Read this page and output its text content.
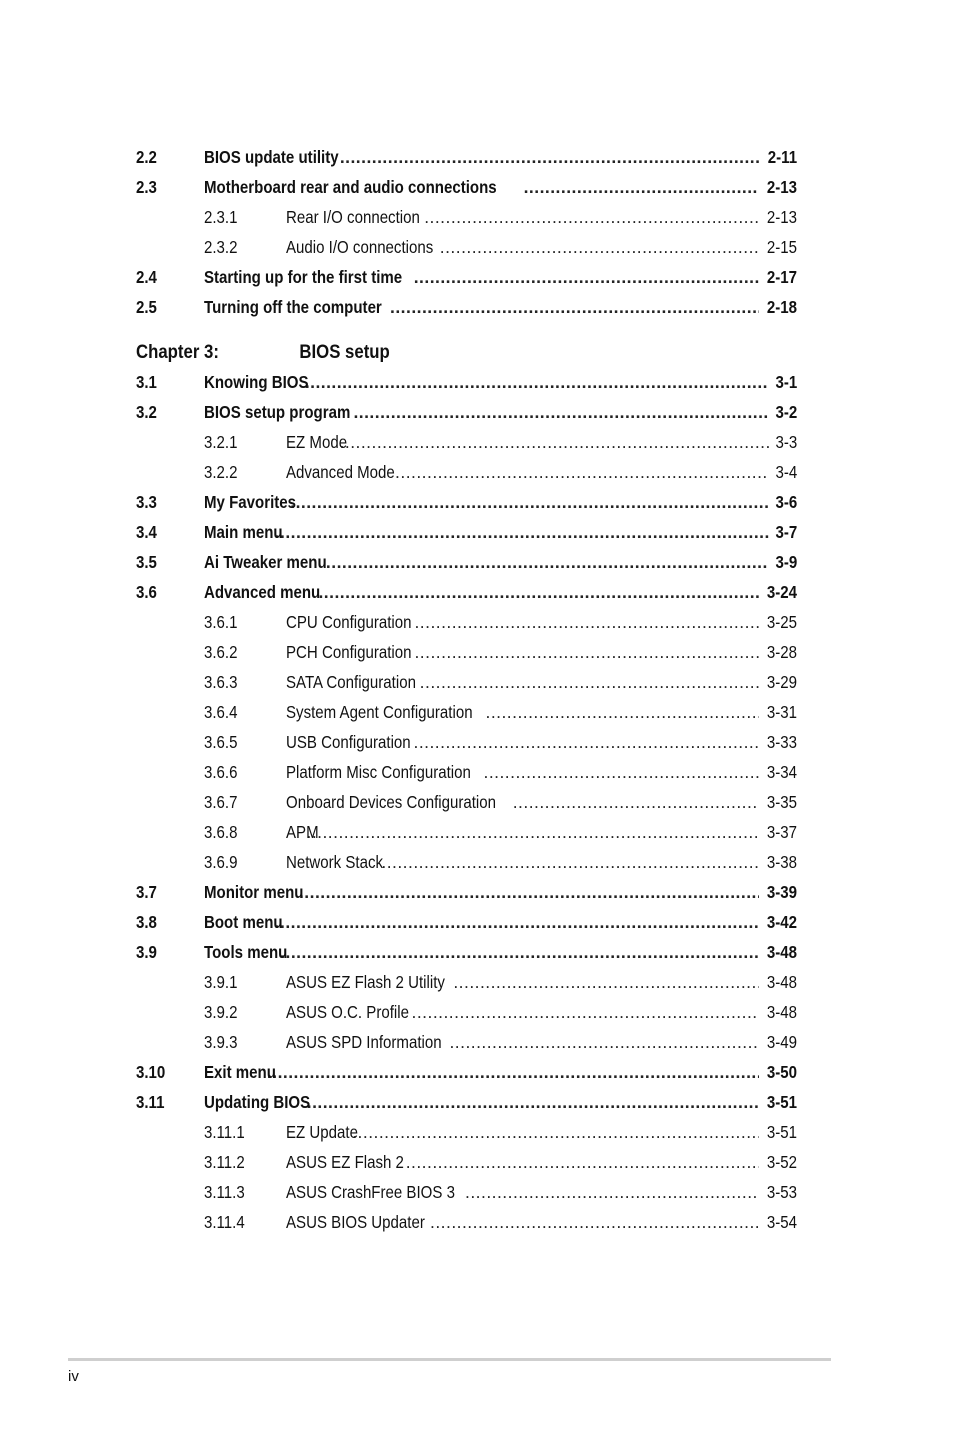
2.2	BIOS update utility . . .	2-11
2.3	Motherboard rear and audio connections . . .	2-13
2.3.1	Rear I/O connection . . .	2-13
2.3.2	Audio I/O connections . . .	2-15
2.4	Starting up for the first time . . .	2-17
2.5	Turning off the computer . . .	2-18
Chapter 3:	BIOS setup
3.1	Knowing BIOS . . .	3-1
3.2	BIOS setup program . . .	3-2
3.2.1	EZ Mode . . .	3-3
3.2.2	Advanced Mode . . .	3-4
3.3	My Favorites . . .	3-6
3.4	Main menu . . .	3-7
3.5	Ai Tweaker menu . . .	3-9
3.6	Advanced menu . . .	3-24
3.6.1	CPU Configuration . . .	3-25
3.6.2	PCH Configuration . . .	3-28
3.6.3	SATA Configuration . . .	3-29
3.6.4	System Agent Configuration . . .	3-31
3.6.5	USB Configuration . . .	3-33
3.6.6	Platform Misc Configuration . . .	3-34
3.6.7	Onboard Devices Configuration . . .	3-35
3.6.8	APM . . .	3-37
3.6.9	Network Stack . . .	3-38
3.7	Monitor menu . . .	3-39
3.8	Boot menu . . .	3-42
3.9	Tools menu . . .	3-48
3.9.1	ASUS EZ Flash 2 Utility . . .	3-48
3.9.2	ASUS O.C. Profile . . .	3-48
3.9.3	ASUS SPD Information . . .	3-49
3.10 Exit menu . . .	3-50
3.11 Updating BIOS . . .	3-51
3.11.1 EZ Update . . .	3-51
3.11.2 ASUS EZ Flash 2 . . .	3-52
3.11.3 ASUS CrashFree BIOS 3 . . .	3-53
3.11.4 ASUS BIOS Updater . . .	3-54
iv
